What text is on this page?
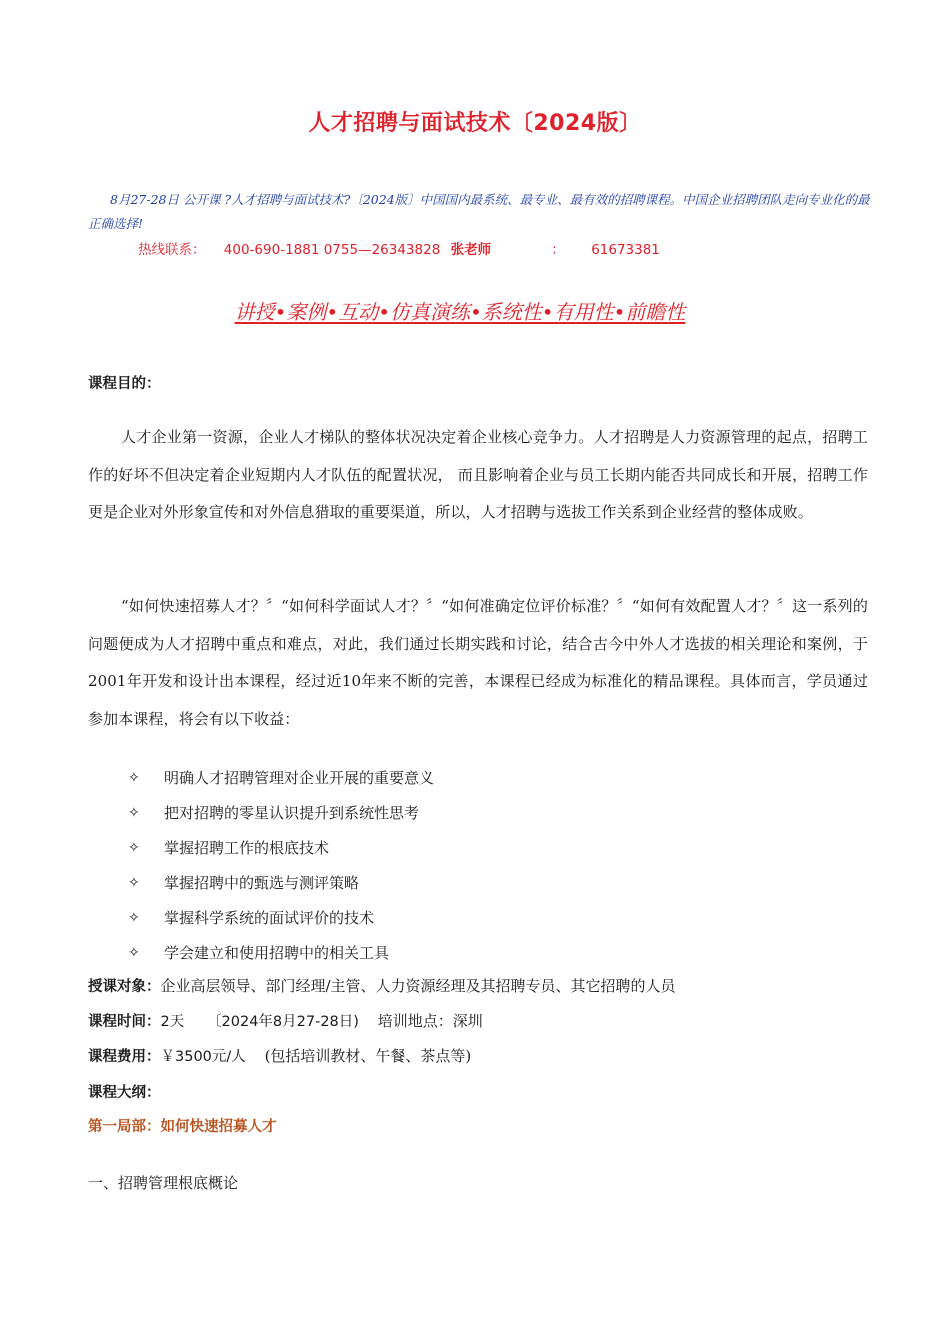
人才招聘与面试技术〔2024版〕
8月27-28日 公开课 ?人才招聘与面试技术?〔2024版〕中国国内最系统、最专业、最有效的招聘课程。中国企业招聘团队走向专业化的最正确选择!
热线联系： 400-690-1881 0755—26343828 张老师	： 61673381
讲授•案例•互动•仿真演练•系统性•有用性•前瞻性
课程目的：
人才企业第一资源，企业人才梯队的整体状况决定着企业核心竞争力。人才招聘是人力资源管理的起点，招聘工作的好坏不但决定着企业短期内人才队伍的配置状况， 而且影响着企业与员工长期内能否共同成长和开展，招聘工作更是企业对外形象宣传和对外信息猎取的重要渠道，所以，人才招聘与选拔工作关系到企业经营的整体成败。
“如何快速招募人才？〞“如何科学面试人才？〞“如何准确定位评价标准？〞“如何有效配置人才？〞这一系列的问题便成为人才招聘中重点和难点，对此，我们通过长期实践和讨论，结合古今中外人才选拔的相关理论和案例，于2001年开发和设计出本课程，经过近10年来不断的完善，本课程已经成为标准化的精品课程。具体而言，学员通过参加本课程，将会有以下收益：
✧	明确人才招聘管理对企业开展的重要意义
✧	把对招聘的零星认识提升到系统性思考
✧	掌握招聘工作的根底技术
✧	掌握招聘中的甄选与测评策略
✧	掌握科学系统的面试评价的技术
✧	学会建立和使用招聘中的相关工具
授课对象：企业高层领导、部门经理/主管、人力资源经理及其招聘专员、其它招聘的人员
课程时间：2天 〔2024年8月27-28日) 培训地点：深圳
课程费用：￥3500元/人 (包括培训教材、午餐、茶点等)
课程大纲：
第一局部：如何快速招募人才
一、招聘管理根底概论
